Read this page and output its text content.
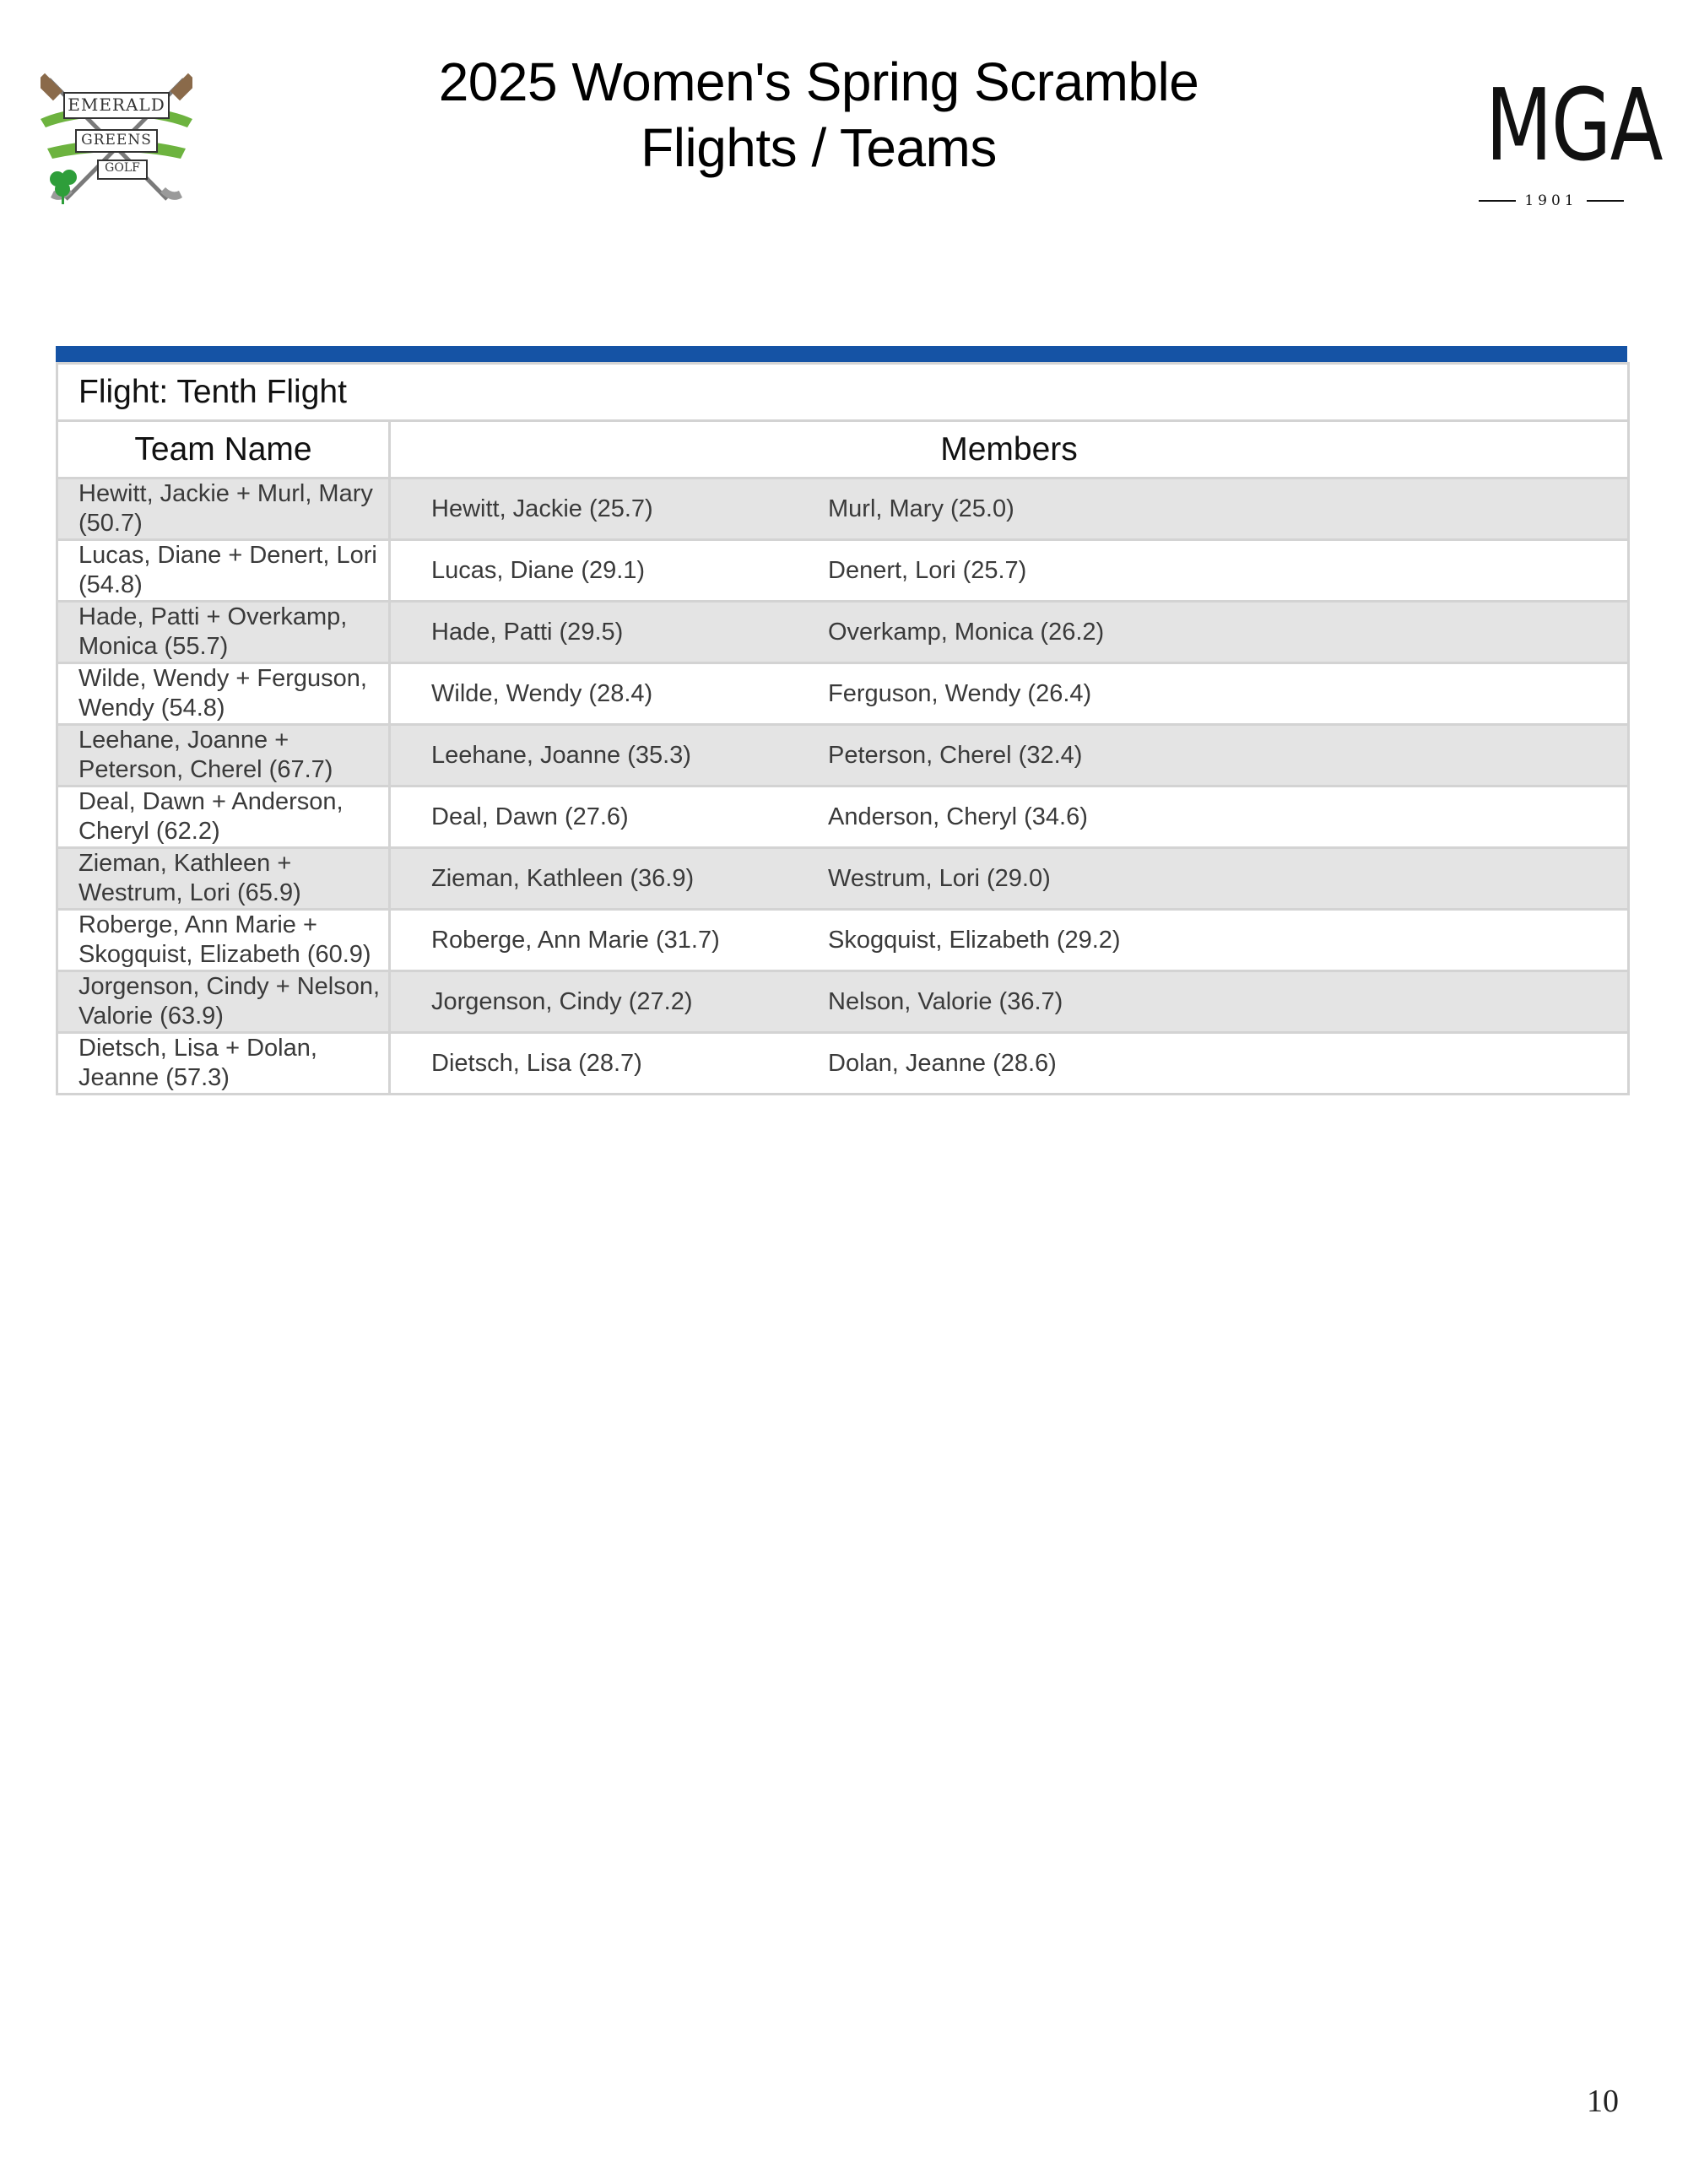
EMERALD
GREENS
GOLF
2025 Women's Spring Scramble
Flights / Teams	MGA
1901
Flight: Tenth Flight	
Team Name	Members
Hewitt, Jackie + Murl, Mary (50.7)	Hewitt, Jackie (25.7) Murl, Mary (25.0)
Lucas, Diane + Denert, Lori (54.8)	Lucas, Diane (29.1) Denert, Lori (25.7)
Hade, Patti + Overkamp, Monica (55.7)	Hade, Patti (29.5) Overkamp, Monica (26.2)
Wilde, Wendy + Ferguson, Wendy (54.8)	Wilde, Wendy (28.4) Ferguson, Wendy (26.4)
Leehane, Joanne + Peterson, Cherel (67.7)	Leehane, Joanne (35.3) Peterson, Cherel (32.4)
Deal, Dawn + Anderson, Cheryl (62.2)	Deal, Dawn (27.6) Anderson, Cheryl (34.6)
Zieman, Kathleen + Westrum, Lori (65.9)	Zieman, Kathleen (36.9) Westrum, Lori (29.0)
Roberge, Ann Marie + Skogquist, Elizabeth (60.9)	Roberge, Ann Marie (31.7) Skogquist, Elizabeth (29.2)
Jorgenson, Cindy + Nelson, Valorie (63.9)	Jorgenson, Cindy (27.2) Nelson, Valorie (36.7)
Dietsch, Lisa + Dolan, Jeanne (57.3)	Dietsch, Lisa (28.7) Dolan, Jeanne (28.6)
10
